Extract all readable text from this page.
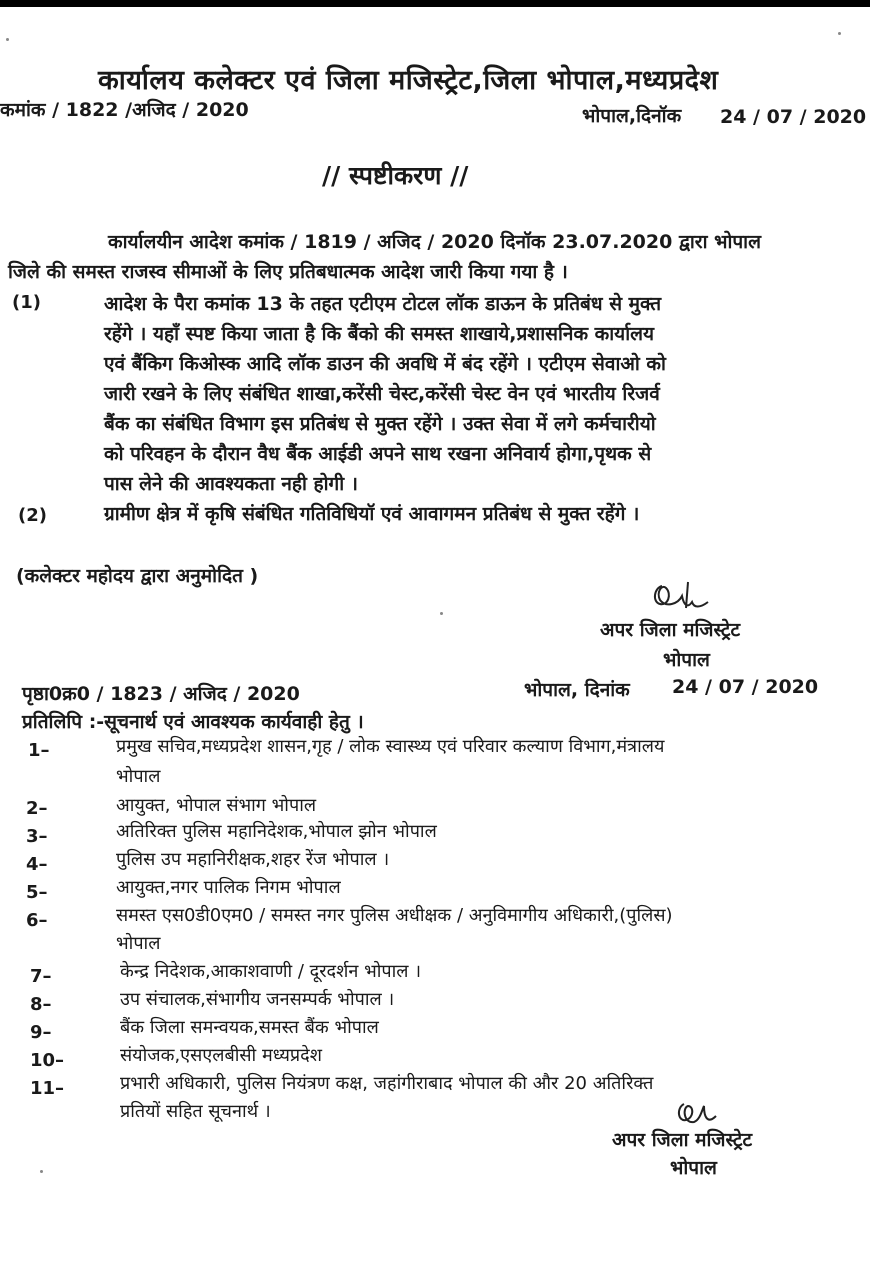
कार्यालय कलेक्टर एवं जिला मजिस्ट्रेट,जिला भोपाल,मध्यप्रदेश
कमांक / 1822 /अजिद / 2020	भोपाल,दिनॉक 24 / 07 / 2020
// स्पष्टीकरण //
कार्यालयीन आदेश कमांक / 1819 / अजिद / 2020 दिनॉक 23.07.2020 द्वारा भोपाल
जिले की समस्त राजस्व सीमाओं के लिए प्रतिबधात्मक आदेश जारी किया गया है ।
(1)	आदेश के पैरा कमांक 13 के तहत एटीएम टोटल लॉक डाऊन के प्रतिबंध से मुक्त
रहेंगे । यहाँ स्पष्ट किया जाता है कि बैंको की समस्त शाखाये,प्रशासनिक कार्यालय
एवं बैंकिग किओस्क आदि लॉक डाउन की अवधि में बंद रहेंगे । एटीएम सेवाओ को
जारी रखने के लिए संबंधित शाखा,करेंसी चेस्ट,करेंसी चेस्ट वेन एवं भारतीय रिजर्व
बैंक का संबंधित विभाग इस प्रतिबंध से मुक्त रहेंगे । उक्त सेवा में लगे कर्मचारीयो
को परिवहन के दौरान वैध बैंक आईडी अपने साथ रखना अनिवार्य होगा,पृथक से
पास लेने की आवश्यकता नही होगी ।
(2)	ग्रामीण क्षेत्र में कृषि संबंधित गतिविधियॉ एवं आवागमन प्रतिबंध से मुक्त रहेंगे ।
(कलेक्टर महोदय द्वारा अनुमोदित )
अपर जिला मजिस्ट्रेट
भोपाल
पृष्ठा0क्र0 / 1823 / अजिद / 2020	भोपाल, दिनांक 24 / 07 / 2020
प्रतिलिपि :-सूचनार्थ एवं आवश्यक कार्यवाही हेतु ।
1–	प्रमुख सचिव,मध्यप्रदेश शासन,गृह / लोक स्वास्थ्य एवं परिवार कल्याण विभाग,मंत्रालय
भोपाल
2–	आयुक्त, भोपाल संभाग भोपाल
3–	अतिरिक्त पुलिस महानिदेशक,भोपाल झोन भोपाल
4–	पुलिस उप महानिरीक्षक,शहर रेंज भोपाल ।
5–	आयुक्त,नगर पालिक निगम भोपाल
6–	समस्त एस0डी0एम0 / समस्त नगर पुलिस अधीक्षक / अनुविमागीय अधिकारी,(पुलिस)
भोपाल
7–	केन्द्र निदेशक,आकाशवाणी / दूरदर्शन भोपाल ।
8–	उप संचालक,संभागीय जनसम्पर्क भोपाल ।
9–	बैंक जिला समन्वयक,समस्त बैंक भोपाल
10–	संयोजक,एसएलबीसी मध्यप्रदेश
11–	प्रभारी अधिकारी, पुलिस नियंत्रण कक्ष, जहांगीराबाद भोपाल की और 20 अतिरिक्त
प्रतियों सहित सूचनार्थ ।
अपर जिला मजिस्ट्रेट
भोपाल
